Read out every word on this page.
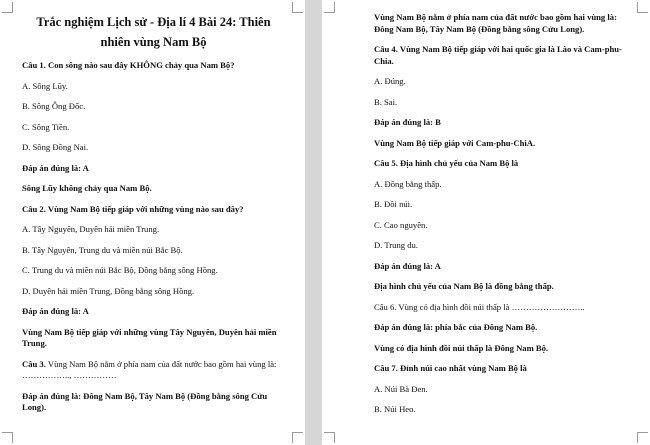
Trắc nghiệm Lịch sử - Địa lí 4 Bài 24: Thiên nhiên vùng Nam Bộ

Câu 1. Con sông nào sau đây KHÔNG chảy qua Nam Bộ?

A. Sông Lũy.

B. Sông Ông Đốc.

C. Sông Tiền.

D. Sông Đồng Nai.

Đáp án đúng là: A

Sông Lũy không chảy qua Nam Bộ.

Câu 2. Vùng Nam Bộ tiếp giáp với những vùng nào sau đây?

A. Tây Nguyên, Duyên hải miền Trung.

B. Tây Nguyên, Trung du và miền núi Bắc Bộ.

C. Trung du và miền núi Bắc Bộ, Đồng bằng sông Hồng.

D. Duyên hải miền Trung, Đồng bằng sông Hồng.

Đáp án đúng là: A

Vùng Nam Bộ tiếp giáp với những vùng Tây Nguyên, Duyên hải miền Trung.

Câu 3. Vùng Nam Bộ nằm ở phía nam của đất nước bao gồm hai vùng là: …………….., ……………

Đáp án đúng là: Đông Nam Bộ, Tây Nam Bộ (Đồng bằng sông Cửu Long).

Vùng Nam Bộ nằm ở phía nam của đất nước bao gồm hai vùng là: Đông Nam Bộ, Tây Nam Bộ (Đồng bằng sông Cửu Long).

Câu 4. Vùng Nam Bộ tiếp giáp với hai quốc gia là Lào và Cam-phu-Chia.

A. Đúng.

B. Sai.

Đáp án đúng là: B

Vùng Nam Bộ tiếp giáp với Cam-phu-ChiA.

Câu 5. Địa hình chủ yếu của Nam Bộ là

A. Đồng bằng thấp.

B. Đồi núi.

C. Cao nguyên.

D. Trung du.

Đáp án đúng là: A

Địa hình chủ yếu của Nam Bộ là đồng bằng thấp.

Câu 6. Vùng có địa hình đồi núi thấp là ……………………..

Đáp án đúng là: phía bắc của Đông Nam Bộ.

Vùng có địa hình đồi núi thấp là Đông Nam Bộ.

Câu 7. Đỉnh núi cao nhất vùng Nam Bộ là

A. Núi Bà Đen.

B. Núi Heo.
